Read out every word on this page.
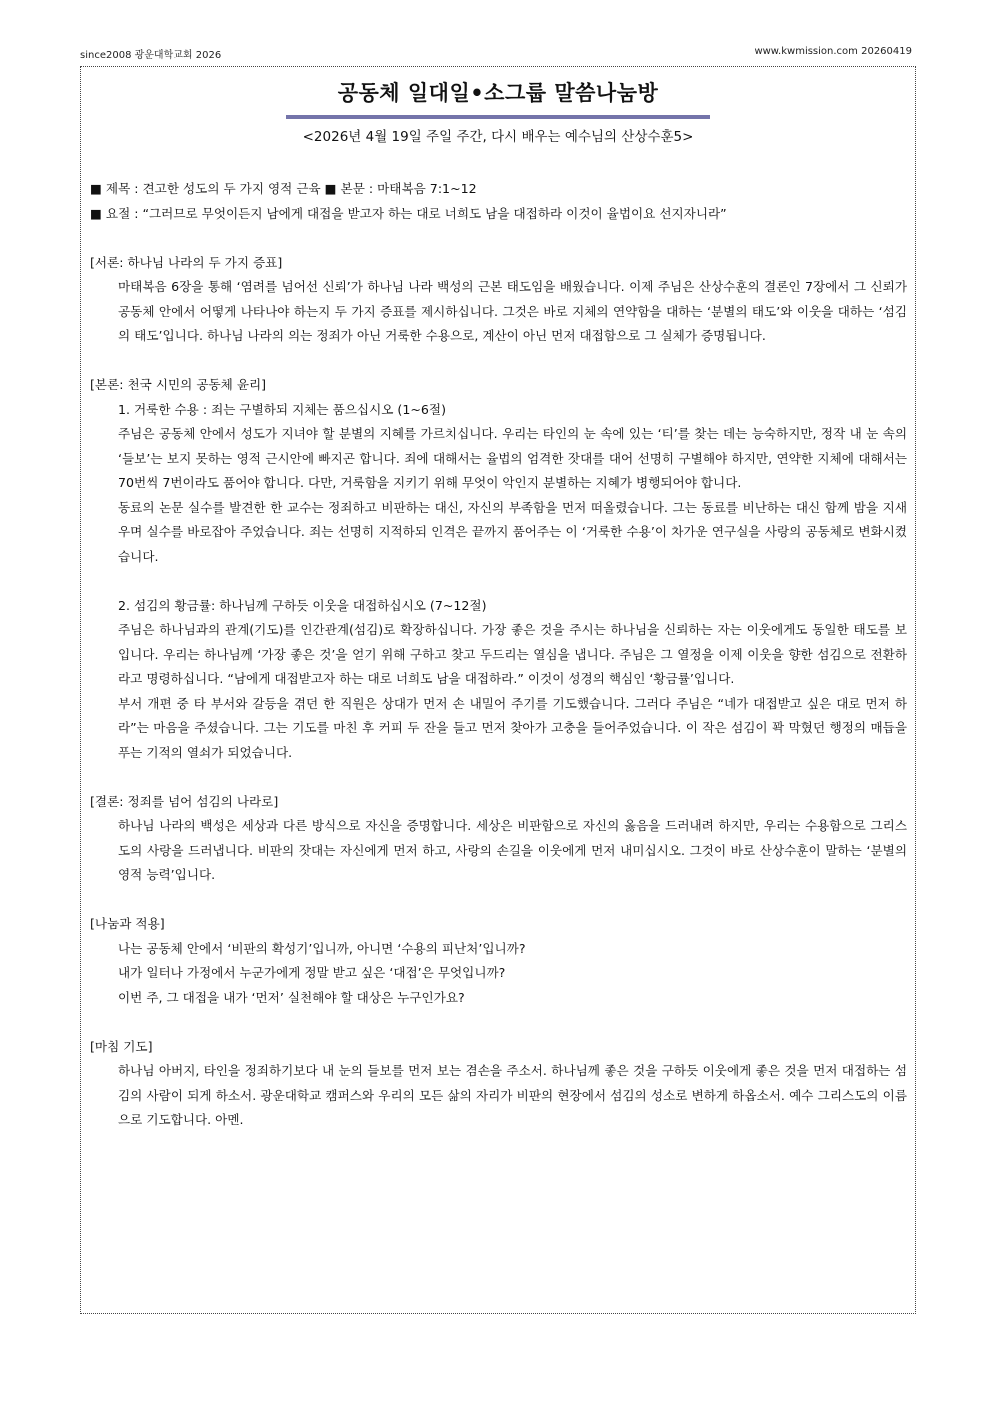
since2008 광운대학교회 2026	www.kwmission.com 20260419
공동체 일대일•소그룹 말씀나눔방
<2026년 4월 19일 주일 주간, 다시 배우는 예수님의 산상수훈5>
■ 제목 : 견고한 성도의 두 가지 영적 근육 ■ 본문 : 마태복음 7:1~12
■ 요절 : “그러므로 무엇이든지 남에게 대접을 받고자 하는 대로 너희도 남을 대접하라 이것이 율법이요 선지자니라”
[서론: 하나님 나라의 두 가지 증표]
마태복음 6장을 통해 ‘염려를 넘어선 신뢰’가 하나님 나라 백성의 근본 태도임을 배웠습니다. 이제 주님은 산상수훈의 결론인 7장에서 그 신뢰가 공동체 안에서 어떻게 나타나야 하는지 두 가지 증표를 제시하십니다. 그것은 바로 지체의 연약함을 대하는 ‘분별의 태도’와 이웃을 대하는 ‘섬김의 태도’입니다. 하나님 나라의 의는 정죄가 아닌 거룩한 수용으로, 계산이 아닌 먼저 대접함으로 그 실체가 증명됩니다.
[본론: 천국 시민의 공동체 윤리]
1. 거룩한 수용 : 죄는 구별하되 지체는 품으십시오 (1~6절)
주님은 공동체 안에서 성도가 지녀야 할 분별의 지혜를 가르치십니다. 우리는 타인의 눈 속에 있는 ‘티’를 찾는 데는 능숙하지만, 정작 내 눈 속의 ‘들보’는 보지 못하는 영적 근시안에 빠지곤 합니다. 죄에 대해서는 율법의 엄격한 잣대를 대어 선명히 구별해야 하지만, 연약한 지체에 대해서는 70번씩 7번이라도 품어야 합니다. 다만, 거룩함을 지키기 위해 무엇이 악인지 분별하는 지혜가 병행되어야 합니다.
동료의 논문 실수를 발견한 한 교수는 정죄하고 비판하는 대신, 자신의 부족함을 먼저 떠올렸습니다. 그는 동료를 비난하는 대신 함께 밤을 지새우며 실수를 바로잡아 주었습니다. 죄는 선명히 지적하되 인격은 끝까지 품어주는 이 ‘거룩한 수용’이 차가운 연구실을 사랑의 공동체로 변화시켰습니다.
2. 섬김의 황금률: 하나님께 구하듯 이웃을 대접하십시오 (7~12절)
주님은 하나님과의 관계(기도)를 인간관계(섬김)로 확장하십니다. 가장 좋은 것을 주시는 하나님을 신뢰하는 자는 이웃에게도 동일한 태도를 보입니다. 우리는 하나님께 ‘가장 좋은 것’을 얻기 위해 구하고 찾고 두드리는 열심을 냅니다. 주님은 그 열정을 이제 이웃을 향한 섬김으로 전환하라고 명령하십니다. “남에게 대접받고자 하는 대로 너희도 남을 대접하라.” 이것이 성경의 핵심인 ‘황금률’입니다.
부서 개편 중 타 부서와 갈등을 겪던 한 직원은 상대가 먼저 손 내밀어 주기를 기도했습니다. 그러다 주님은 “네가 대접받고 싶은 대로 먼저 하라”는 마음을 주셨습니다. 그는 기도를 마친 후 커피 두 잔을 들고 먼저 찾아가 고충을 들어주었습니다. 이 작은 섬김이 꽉 막혔던 행정의 매듭을 푸는 기적의 열쇠가 되었습니다.
[결론: 정죄를 넘어 섬김의 나라로]
하나님 나라의 백성은 세상과 다른 방식으로 자신을 증명합니다. 세상은 비판함으로 자신의 옳음을 드러내려 하지만, 우리는 수용함으로 그리스도의 사랑을 드러냅니다. 비판의 잣대는 자신에게 먼저 하고, 사랑의 손길을 이웃에게 먼저 내미십시오. 그것이 바로 산상수훈이 말하는 ‘분별의 영적 능력’입니다.
[나눔과 적용]
나는 공동체 안에서 ‘비판의 확성기’입니까, 아니면 ‘수용의 피난처’입니까?
내가 일터나 가정에서 누군가에게 정말 받고 싶은 ‘대접’은 무엇입니까?
이번 주, 그 대접을 내가 ‘먼저’ 실천해야 할 대상은 누구인가요?
[마침 기도]
하나님 아버지, 타인을 정죄하기보다 내 눈의 들보를 먼저 보는 겸손을 주소서. 하나님께 좋은 것을 구하듯 이웃에게 좋은 것을 먼저 대접하는 섬김의 사람이 되게 하소서. 광운대학교 캠퍼스와 우리의 모든 삶의 자리가 비판의 현장에서 섬김의 성소로 변하게 하옵소서. 예수 그리스도의 이름으로 기도합니다. 아멘.
